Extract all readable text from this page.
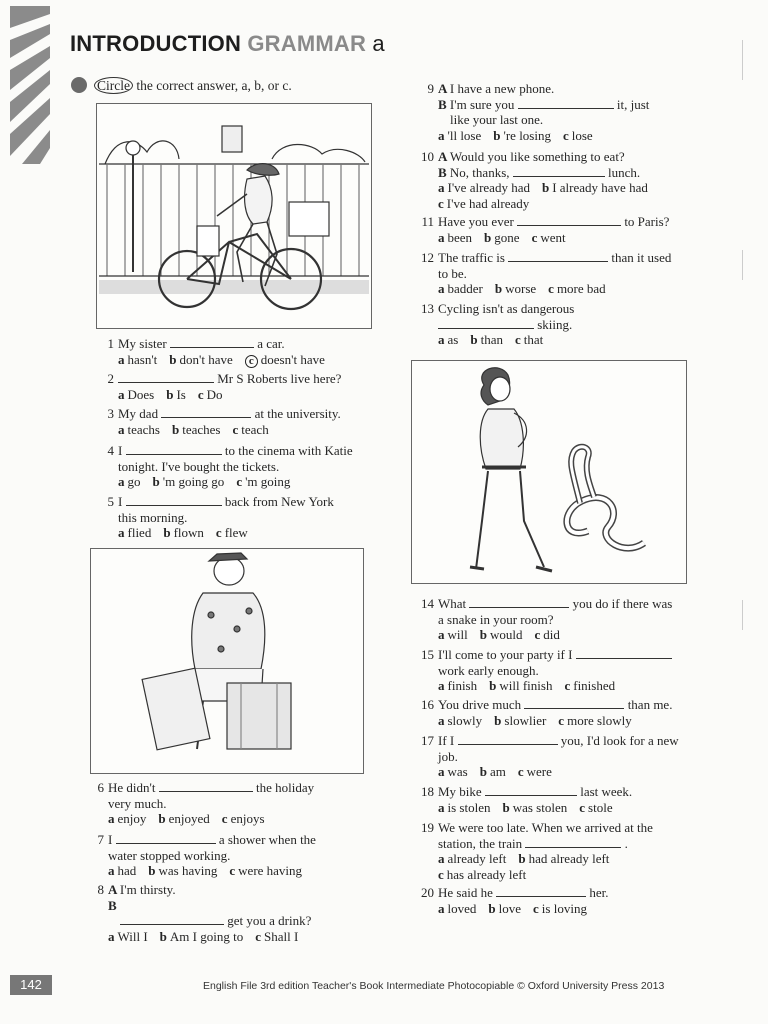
INTRODUCTION GRAMMAR a
Circle the correct answer, a, b, or c.
1 My sister	a car.
a hasn't b don't have c doesn't have
2	Mr S Roberts live here?
a Does b Is c Do
3 My dad	at the university.
a teachs b teaches c teach
4 I	to the cinema with Katie
tonight. I've bought the tickets.
a go b 'm going go c 'm going
5 I	back from New York
this morning.
a flied b flown c flew
6 He didn't	the holiday
very much.
a enjoy b enjoyed c enjoys
7 I	a shower when the
water stopped working.
a had b was having c were having
8 A I'm thirsty.
B
get you a drink?
a Will I b Am I going to c Shall I
9 A I have a new phone.
B I'm sure you	it, just
like your last one.
a 'll lose b 're losing c lose
10 A Would you like something to eat?
B No, thanks,	lunch.
a I've already had b I already have had
c I've had already
11 Have you ever	to Paris?
a been b gone c went
12 The traffic is	than it used
to be.
a badder b worse c more bad
13 Cycling isn't as dangerous
skiing.
a as b than c that
14 What	you do if there was
a snake in your room?
a will b would c did
15 I'll come to your party if I
work early enough.
a finish b will finish c finished
16 You drive much	than me.
a slowly b slowlier c more slowly
17 If I	you, I'd look for a new
job.
a was b am c were
18 My bike	last week.
a is stolen b was stolen c stole
19 We were too late. When we arrived at the
station, the train	.
a already left b had already left
c has already left
20 He said he	her.
a loved b love c is loving
142	English File 3rd edition Teacher's Book Intermediate Photocopiable © Oxford University Press 2013
